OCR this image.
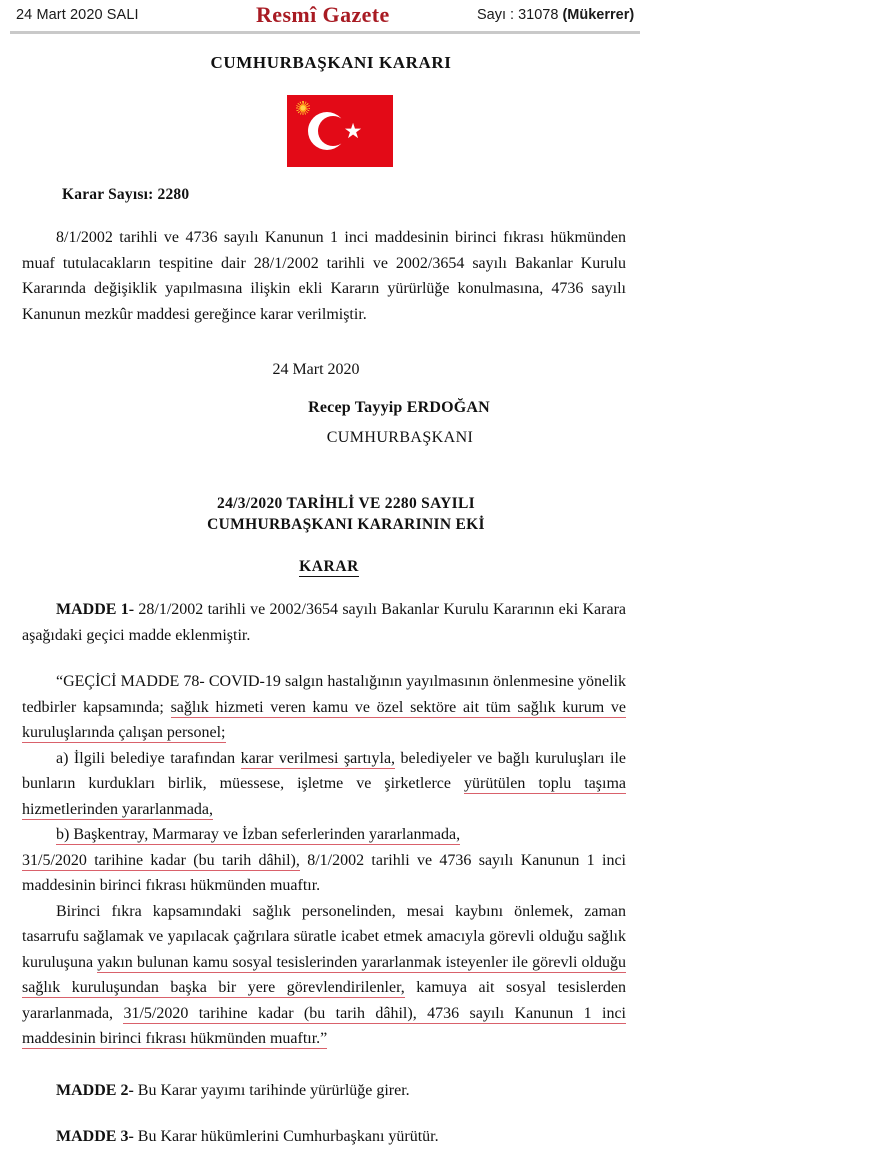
24 Mart 2020 SALI	Resmî Gazete	Sayı : 31078 (Mükerrer)
CUMHURBAŞKANI KARARI
★
Karar Sayısı: 2280
8/1/2002 tarihli ve 4736 sayılı Kanunun 1 inci maddesinin birinci fıkrası hükmünden muaf tutulacakların tespitine dair 28/1/2002 tarihli ve 2002/3654 sayılı Bakanlar Kurulu Kararında değişiklik yapılmasına ilişkin ekli Kararın yürürlüğe konulmasına, 4736 sayılı Kanunun mezkûr maddesi gereğince karar verilmiştir.
24 Mart 2020
Recep Tayyip ERDOĞAN
CUMHURBAŞKANI
24/3/2020 TARİHLİ VE 2280 SAYILI
CUMHURBAŞKANI KARARININ EKİ
KARAR
MADDE 1- 28/1/2002 tarihli ve 2002/3654 sayılı Bakanlar Kurulu Kararının eki Karara aşağıdaki geçici madde eklenmiştir.
“GEÇİCİ MADDE 78- COVID-19 salgın hastalığının yayılmasının önlenmesine yönelik tedbirler kapsamında; sağlık hizmeti veren kamu ve özel sektöre ait tüm sağlık kurum ve kuruluşlarında çalışan personel;
a) İlgili belediye tarafından karar verilmesi şartıyla, belediyeler ve bağlı kuruluşları ile bunların kurdukları birlik, müessese, işletme ve şirketlerce yürütülen toplu taşıma hizmetlerinden yararlanmada,
b) Başkentray, Marmaray ve İzban seferlerinden yararlanmada,
31/5/2020 tarihine kadar (bu tarih dâhil), 8/1/2002 tarihli ve 4736 sayılı Kanunun 1 inci maddesinin birinci fıkrası hükmünden muaftır.
Birinci fıkra kapsamındaki sağlık personelinden, mesai kaybını önlemek, zaman tasarrufu sağlamak ve yapılacak çağrılara süratle icabet etmek amacıyla görevli olduğu sağlık kuruluşuna yakın bulunan kamu sosyal tesislerinden yararlanmak isteyenler ile görevli olduğu sağlık kuruluşundan başka bir yere görevlendirilenler, kamuya ait sosyal tesislerden yararlanmada, 31/5/2020 tarihine kadar (bu tarih dâhil), 4736 sayılı Kanunun 1 inci maddesinin birinci fıkrası hükmünden muaftır.”
MADDE 2- Bu Karar yayımı tarihinde yürürlüğe girer.
MADDE 3- Bu Karar hükümlerini Cumhurbaşkanı yürütür.
